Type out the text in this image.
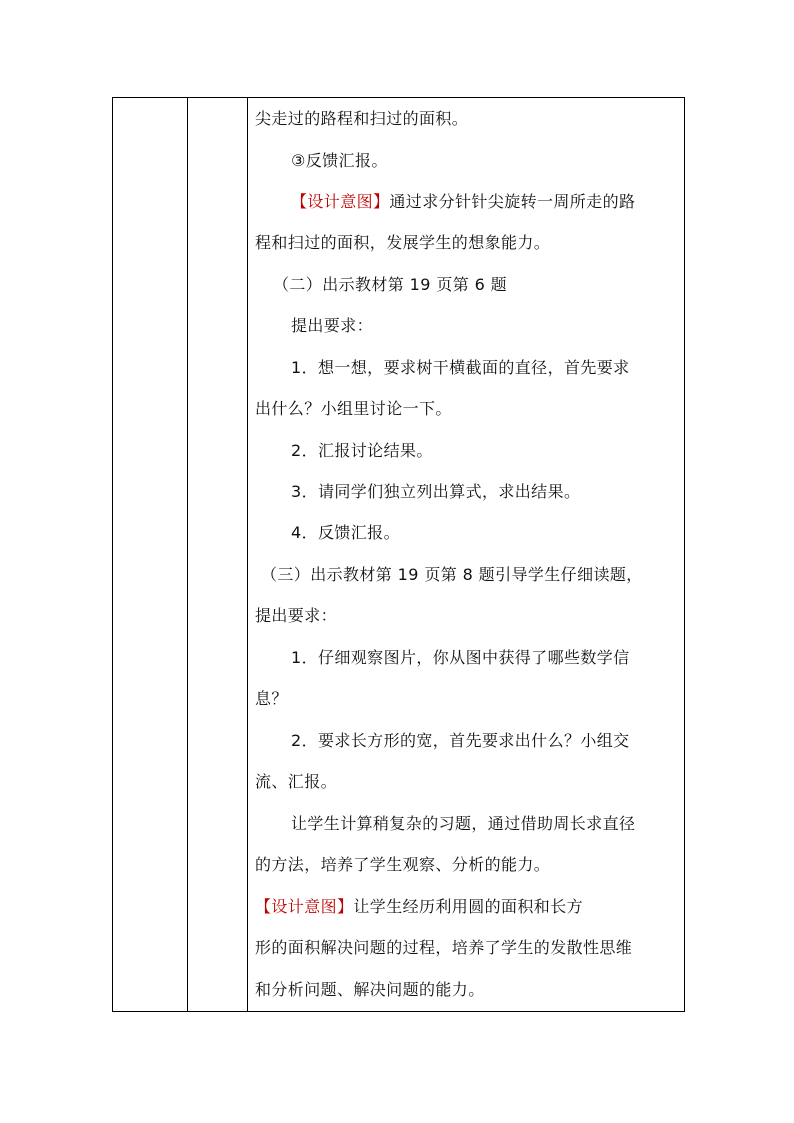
尖走过的路程和扫过的面积。
③反馈汇报。
【设计意图】通过求分针针尖旋转一周所走的路
程和扫过的面积，发展学生的想象能力。
（二）出示教材第 19 页第 6 题
提出要求：
1．想一想，要求树干横截面的直径，首先要求
出什么？小组里讨论一下。
2．汇报讨论结果。
3．请同学们独立列出算式，求出结果。
4．反馈汇报。
（三）出示教材第 19 页第 8 题引导学生仔细读题，
提出要求：
1．仔细观察图片，你从图中获得了哪些数学信
息？
2．要求长方形的宽，首先要求出什么？小组交
流、汇报。
让学生计算稍复杂的习题，通过借助周长求直径
的方法，培养了学生观察、分析的能力。
【设计意图】让学生经历利用圆的面积和长方
形的面积解决问题的过程，培养了学生的发散性思维
和分析问题、解决问题的能力。
